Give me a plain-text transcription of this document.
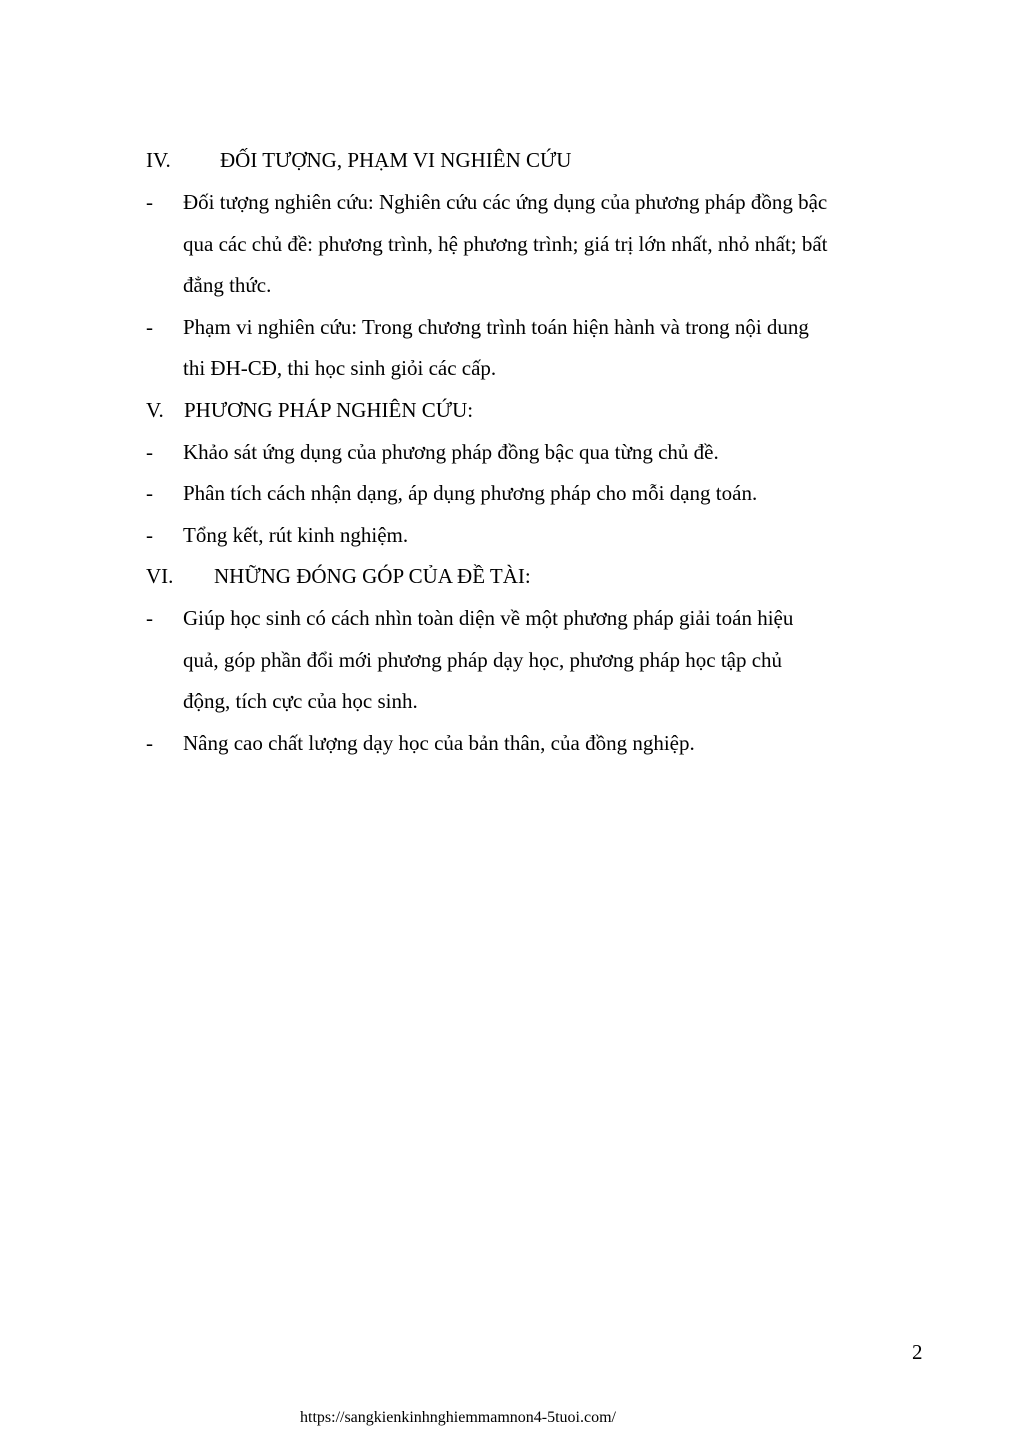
IV. ĐỐI TƯỢNG, PHẠM VI NGHIÊN CỨU
- Đối tượng nghiên cứu: Nghiên cứu các ứng dụng của phương pháp đồng bậc
qua các chủ đề: phương trình, hệ phương trình; giá trị lớn nhất, nhỏ nhất; bất
đẳng thức.
- Phạm vi nghiên cứu: Trong chương trình toán hiện hành và trong nội dung
thi ĐH-CĐ, thi học sinh giỏi các cấp.
V. PHƯƠNG PHÁP NGHIÊN CỨU:
- Khảo sát ứng dụng của phương pháp đồng bậc qua từng chủ đề.
- Phân tích cách nhận dạng, áp dụng phương pháp cho mỗi dạng toán.
- Tổng kết, rút kinh nghiệm.
VI. NHỮNG ĐÓNG GÓP CỦA ĐỀ TÀI:
- Giúp học sinh có cách nhìn toàn diện về một phương pháp giải toán hiệu
quả, góp phần đổi mới phương pháp dạy học, phương pháp học tập chủ
động, tích cực của học sinh.
- Nâng cao chất lượng dạy học của bản thân, của đồng nghiệp.
2
https://sangkienkinhnghiemmamnon4-5tuoi.com/
